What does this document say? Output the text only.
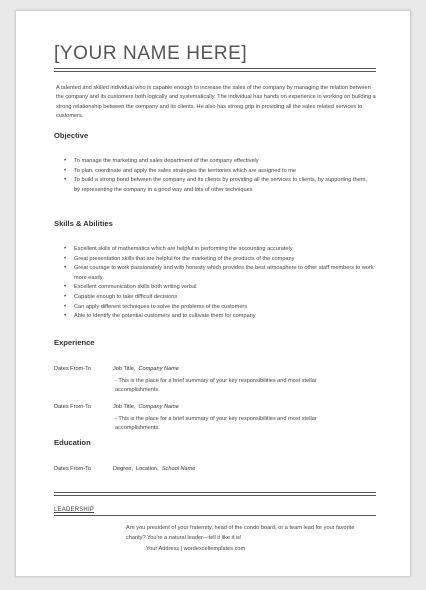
[YOUR NAME HERE]
A talented and skilled individual who is capable enough to increase the sales of the company by managing the relation between the company and its customers both logically and systematically. The individual has hands on experience in working on building a strong relationship between the company and its clients. He also has strong grip in providing all the sales related services to customers.
Objective
• To manage the marketing and sales department of the company effectively
• To plan, coordinate and apply the sales strategies the territories which are assigned to me
• To build a strong bond between the company and its clients by providing all the services to clients, by supporting them, by representing the company in a good way and lots of other techniques
Skills & Abilities
• Excellent skills of mathematics which are helpful in performing the accounting accurately
• Great presentation skills that are helpful for the marketing of the products of the company
• Great courage to work passionately and with honesty which provides the best atmosphere to other staff members to work more easily
• Excellent communication skills both writing verbal
• Capable enough to take difficult decisions
• Can apply different techniques to solve the problems of the customers
• Able to identify the potential customers and to cultivate them for company
Experience
Dates From-To	Job Title, Company Name
- This is the place for a brief summary of your key responsibilities and most stellar accomplishments.
Dates From-To	Job Title, Company Name
- This is the place for a brief summary of your key responsibilities and most stellar accomplishments.
Education
Dates From-To	Degree, Location, School Name
LEADERSHIP
Are you president of your fraternity, head of the condo board, or a team lead for your favorite charity? You're a natural leader—tell it like it is!
Your Address | wordexceltemplates.com
